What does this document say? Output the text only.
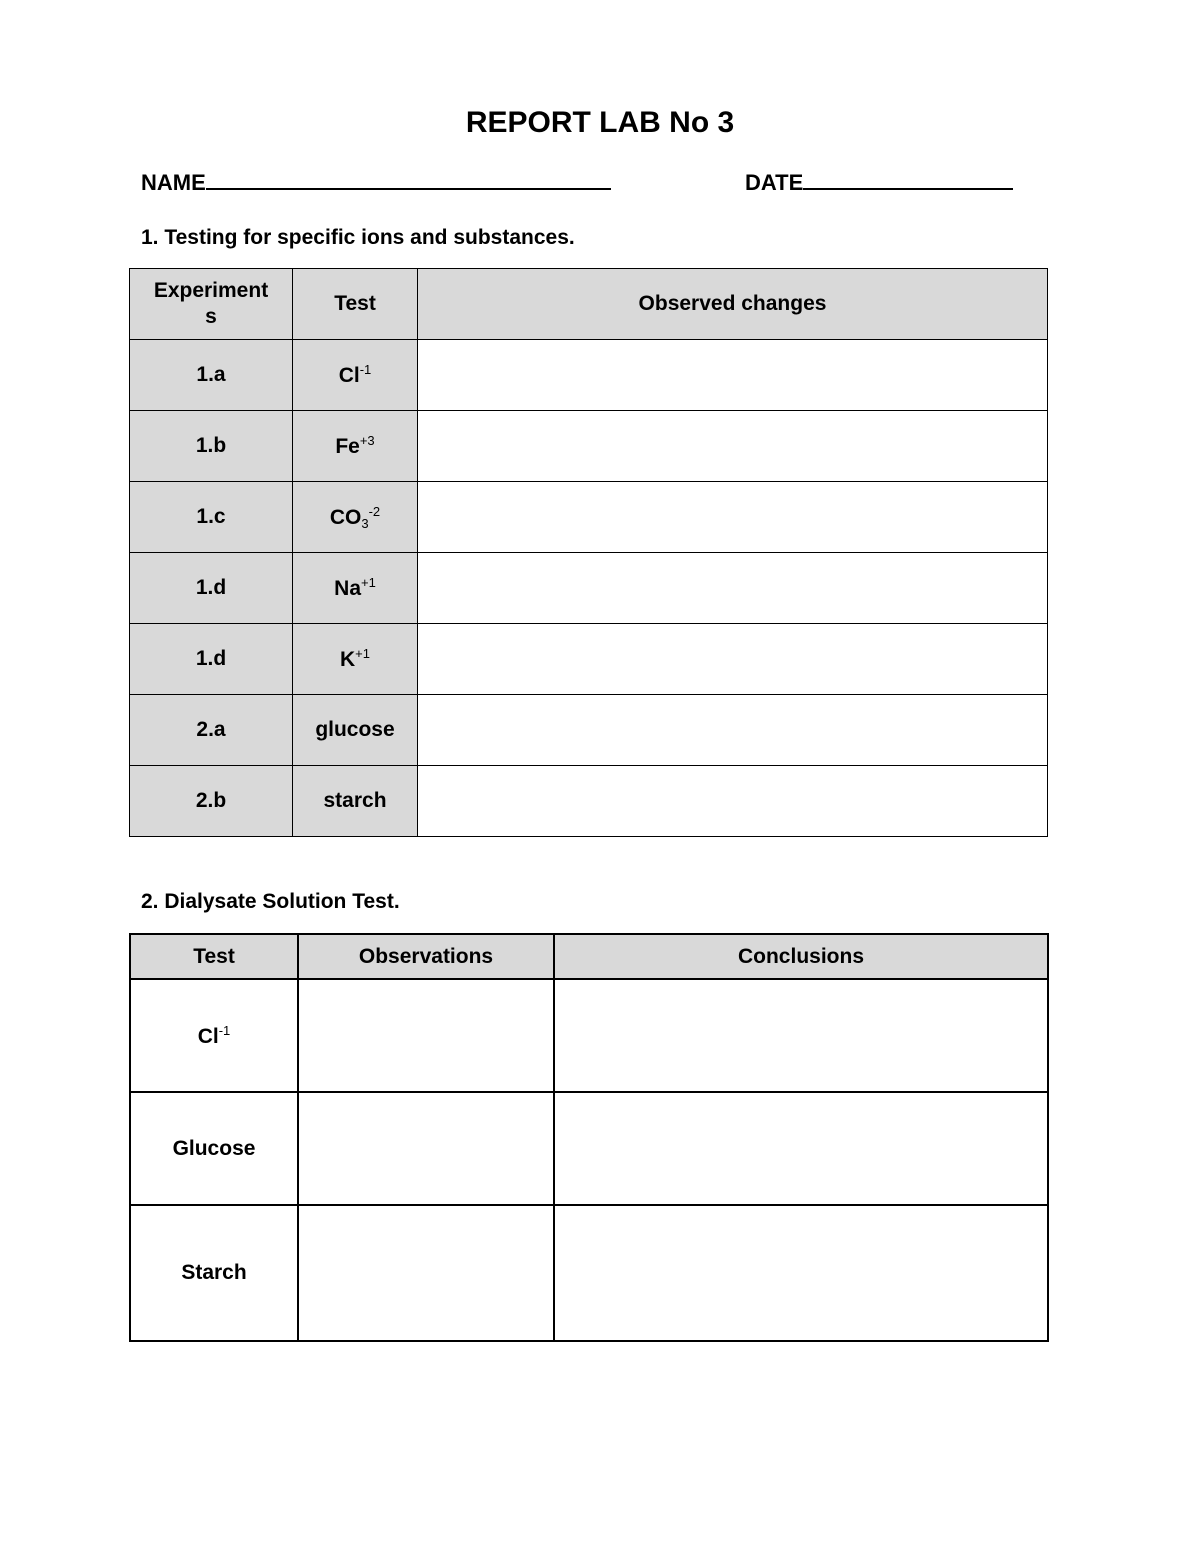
REPORT LAB No 3
NAME	DATE
1. Testing for specific ions and substances.
Experiment
s	Test	Observed changes
1.a	$Cl^{-1}$	
1.b	$Fe^{+3}$	
1.c	$CO_3^{-2}$	
1.d	$Na^{+1}$	
1.d	$K^{+1}$	
2.a	glucose	
2.b	starch	
2. Dialysate Solution Test.
Test	Observations	Conclusions
$Cl^{-1}$		
Glucose		
Starch		
